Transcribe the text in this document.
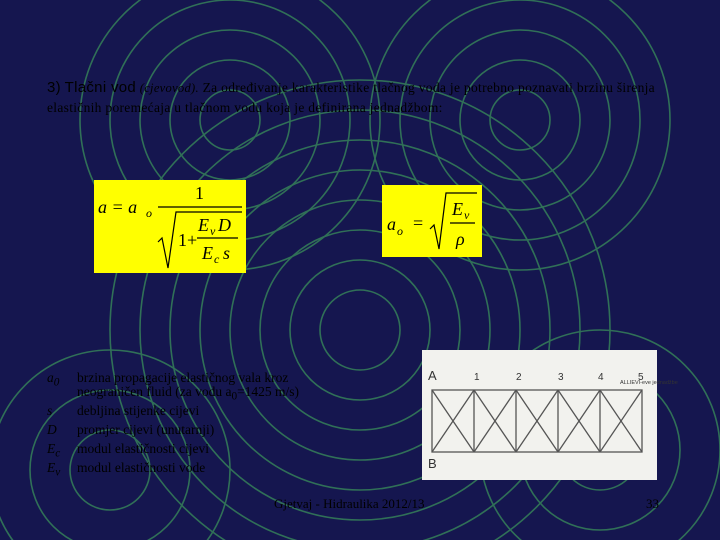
3) Tlačni vod (cjevovod). Za određivanje karakteristike tlačnog voda je potrebno poznavati brzinu širenja elastičnih poremećaja u tlačnom vodu koja je definirana jednadžbom:
a = a o
1
1+
E v D
E c s
a o =
E v
ρ
$a_0$	brzina propagacije elastičnog vala kroz neograničen fluid (za vodu $a_0=1425$ m/s)
s	debljina stijenke cijevi
D	promjer cijevi (unutarnji)
$E_c$	modul elastičnosti cijevi
$E_v$	modul elastičnosti vode
A
B
1	2	3	4	5
ALLIEVI-eve jednadžbe
Gjetvaj - Hidraulika 2012/13	33
